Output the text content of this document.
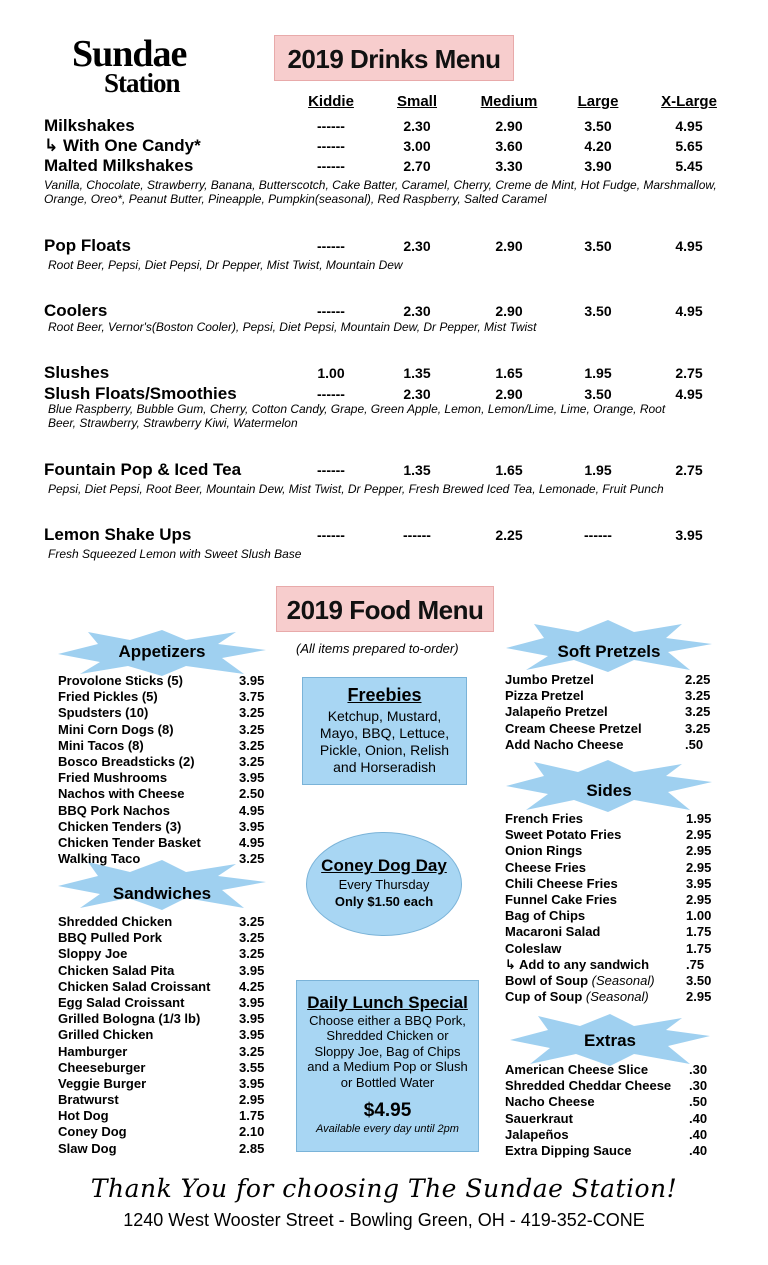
Sundae
Station
2019 Drinks Menu
Kiddie	Small	Medium	Large	X-Large
Milkshakes	------	2.30	2.90	3.50	4.95
↳ With One Candy*	------	3.00	3.60	4.20	5.65
Malted Milkshakes	------	2.70	3.30	3.90	5.45
Pop Floats	------	2.30	2.90	3.50	4.95
Coolers	------	2.30	2.90	3.50	4.95
Slushes	1.00	1.35	1.65	1.95	2.75
Slush Floats/Smoothies	------	2.30	2.90	3.50	4.95
Fountain Pop & Iced Tea	------	1.35	1.65	1.95	2.75
Lemon Shake Ups	------	------	2.25	------	3.95
Vanilla, Chocolate, Strawberry, Banana, Butterscotch, Cake Batter, Caramel, Cherry, Creme de Mint, Hot Fudge, Marshmallow, Orange, Oreo*, Peanut Butter, Pineapple, Pumpkin(seasonal), Red Raspberry, Salted Caramel
Root Beer, Pepsi, Diet Pepsi, Dr Pepper, Mist Twist, Mountain Dew
Root Beer, Vernor's(Boston Cooler), Pepsi, Diet Pepsi, Mountain Dew, Dr Pepper, Mist Twist
Blue Raspberry, Bubble Gum, Cherry, Cotton Candy, Grape, Green Apple, Lemon, Lemon/Lime, Lime, Orange, Root Beer, Strawberry, Strawberry Kiwi, Watermelon
Pepsi, Diet Pepsi, Root Beer, Mountain Dew, Mist Twist, Dr Pepper, Fresh Brewed Iced Tea, Lemonade, Fruit Punch
Fresh Squeezed Lemon with Sweet Slush Base
2019 Food Menu
(All items prepared to-order)
Appetizers
Sandwiches
Soft Pretzels
Sides
Extras
Provolone Sticks (5)	3.95
Fried Pickles (5)	3.75
Spudsters (10)	3.25
Mini Corn Dogs (8)	3.25
Mini Tacos (8)	3.25
Bosco Breadsticks (2)	3.25
Fried Mushrooms	3.95
Nachos with Cheese	2.50
BBQ Pork Nachos	4.95
Chicken Tenders (3)	3.95
Chicken Tender Basket	4.95
Walking Taco	3.25
Shredded Chicken	3.25
BBQ Pulled Pork	3.25
Sloppy Joe	3.25
Chicken Salad Pita	3.95
Chicken Salad Croissant 4.25
Egg Salad Croissant	3.95
Grilled Bologna (1/3 lb)	3.95
Grilled Chicken	3.95
Hamburger	3.25
Cheeseburger	3.55
Veggie Burger	3.95
Bratwurst	2.95
Hot Dog	1.75
Coney Dog	2.10
Slaw Dog	2.85
Jumbo Pretzel	2.25
Pizza Pretzel	3.25
Jalapeño Pretzel	3.25
Cream Cheese Pretzel	3.25
Add Nacho Cheese	.50
French Fries	1.95
Sweet Potato Fries	2.95
Onion Rings	2.95
Cheese Fries	2.95
Chili Cheese Fries	3.95
Funnel Cake Fries	2.95
Bag of Chips	1.00
Macaroni Salad	1.75
Coleslaw	1.75
↳ Add to any sandwich	.75
Bowl of Soup (Seasonal) 3.50
Cup of Soup (Seasonal)	2.95
American Cheese Slice	.30
Shredded Cheddar Cheese .30
Nacho Cheese	.50
Sauerkraut	.40
Jalapeños	.40
Extra Dipping Sauce	.40
Freebies
Ketchup, Mustard, Mayo, BBQ, Lettuce, Pickle, Onion, Relish and Horseradish
Coney Dog Day
Every Thursday
Only $1.50 each
Daily Lunch Special
Choose either a BBQ Pork, Shredded Chicken or Sloppy Joe, Bag of Chips and a Medium Pop or Slush or Bottled Water
$4.95
Available every day until 2pm
Thank You for choosing The Sundae Station!
1240 West Wooster Street - Bowling Green, OH - 419-352-CONE
